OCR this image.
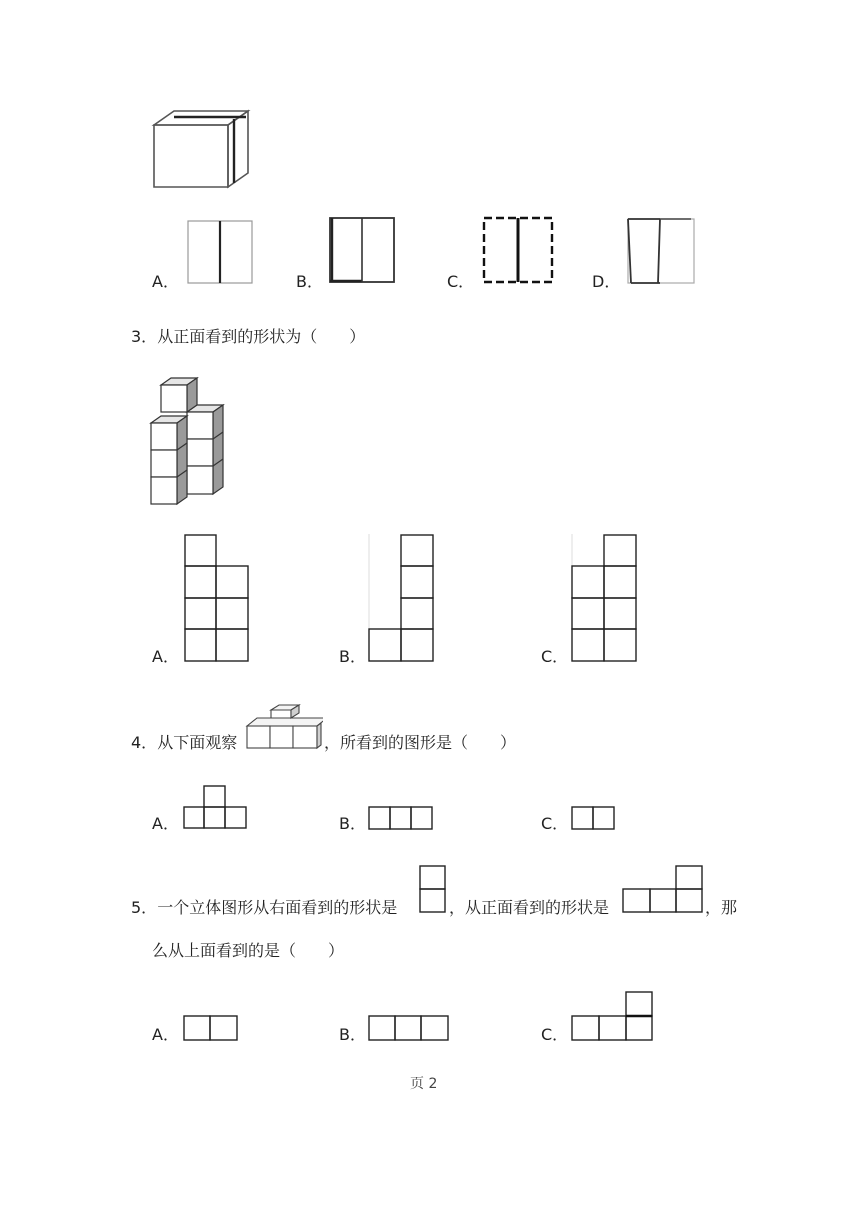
A．	B．	C．	D．
3．从正面看到的形状为（　　）
A．	B．	C．
4．从下面观察	，所看到的图形是（　　）
A．	B．	C．
5．一个立体图形从右面看到的形状是	，从正面看到的形状是	，那
么从上面看到的是（　　）
A．	B．	C．
页 2
